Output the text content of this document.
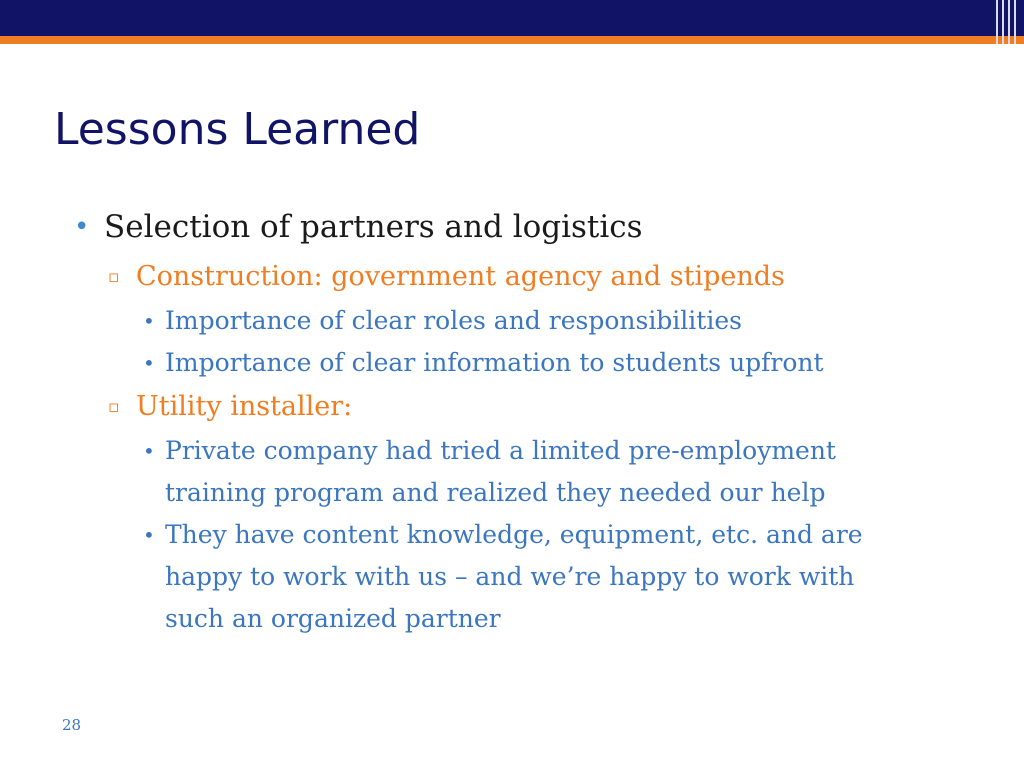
Lessons Learned
• Selection of partners and logistics
▫ Construction: government agency and stipends
• Importance of clear roles and responsibilities
• Importance of clear information to students upfront
▫ Utility installer:
• Private company had tried a limited pre-employment
training program and realized they needed our help
• They have content knowledge, equipment, etc. and are
happy to work with us – and we’re happy to work with
such an organized partner
28
